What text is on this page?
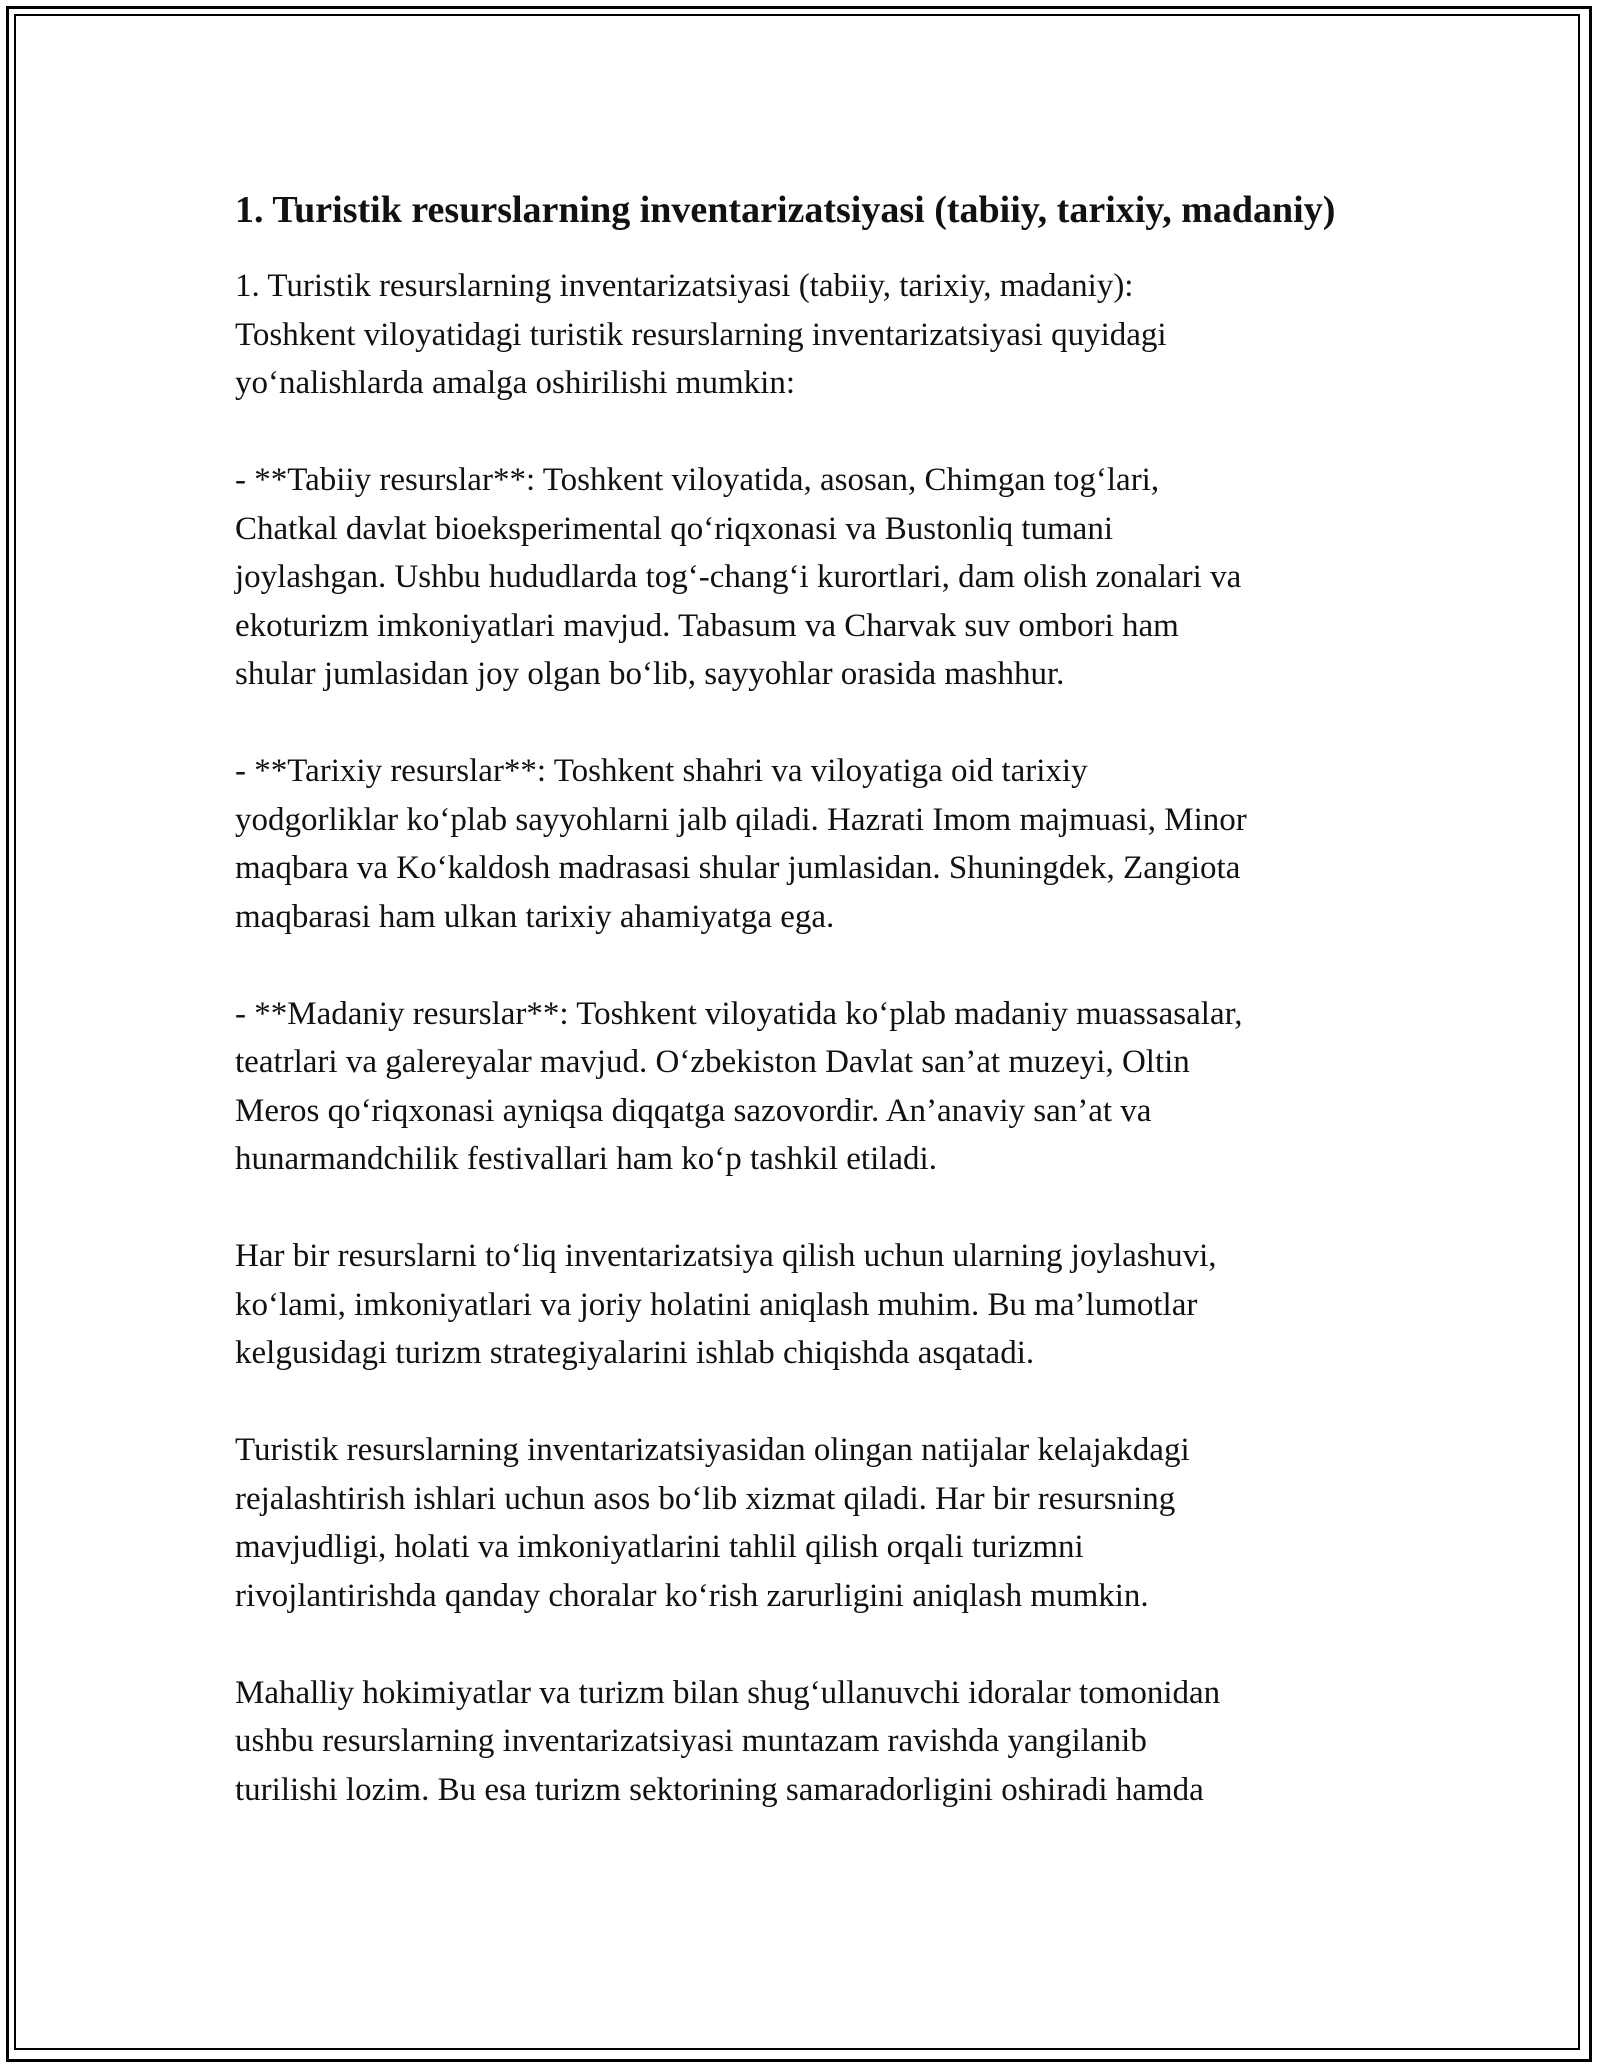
1. Turistik resurslarning inventarizatsiyasi (tabiiy, tarixiy, madaniy)
1. Turistik resurslarning inventarizatsiyasi (tabiiy, tarixiy, madaniy):
Toshkent viloyatidagi turistik resurslarning inventarizatsiyasi quyidagi
yo‘nalishlarda amalga oshirilishi mumkin:
- **Tabiiy resurslar**: Toshkent viloyatida, asosan, Chimgan tog‘lari,
Chatkal davlat bioeksperimental qo‘riqxonasi va Bustonliq tumani
joylashgan. Ushbu hududlarda tog‘-chang‘i kurortlari, dam olish zonalari va
ekoturizm imkoniyatlari mavjud. Tabasum va Charvak suv ombori ham
shular jumlasidan joy olgan bo‘lib, sayyohlar orasida mashhur.
- **Tarixiy resurslar**: Toshkent shahri va viloyatiga oid tarixiy
yodgorliklar ko‘plab sayyohlarni jalb qiladi. Hazrati Imom majmuasi, Minor
maqbara va Ko‘kaldosh madrasasi shular jumlasidan. Shuningdek, Zangiota
maqbarasi ham ulkan tarixiy ahamiyatga ega.
- **Madaniy resurslar**: Toshkent viloyatida ko‘plab madaniy muassasalar,
teatrlari va galereyalar mavjud. O‘zbekiston Davlat san’at muzeyi, Oltin
Meros qo‘riqxonasi ayniqsa diqqatga sazovordir. An’anaviy san’at va
hunarmandchilik festivallari ham ko‘p tashkil etiladi.
Har bir resurslarni to‘liq inventarizatsiya qilish uchun ularning joylashuvi,
ko‘lami, imkoniyatlari va joriy holatini aniqlash muhim. Bu ma’lumotlar
kelgusidagi turizm strategiyalarini ishlab chiqishda asqatadi.
Turistik resurslarning inventarizatsiyasidan olingan natijalar kelajakdagi
rejalashtirish ishlari uchun asos bo‘lib xizmat qiladi. Har bir resursning
mavjudligi, holati va imkoniyatlarini tahlil qilish orqali turizmni
rivojlantirishda qanday choralar ko‘rish zarurligini aniqlash mumkin.
Mahalliy hokimiyatlar va turizm bilan shug‘ullanuvchi idoralar tomonidan
ushbu resurslarning inventarizatsiyasi muntazam ravishda yangilanib
turilishi lozim. Bu esa turizm sektorining samaradorligini oshiradi hamda
